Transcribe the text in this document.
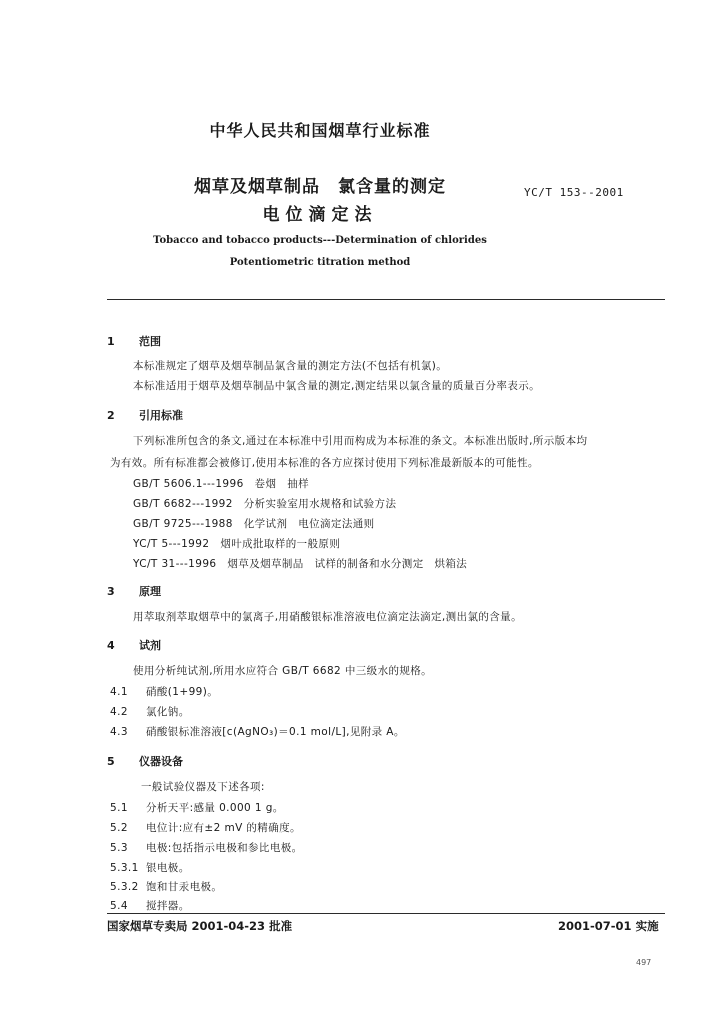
中华人民共和国烟草行业标准
烟草及烟草制品　氯含量的测定
电位滴定法
YC/T 153--2001
Tobacco and tobacco products---Determination of chlorides
Potentiometric titration method
1 范围
本标准规定了烟草及烟草制品氯含量的测定方法(不包括有机氯)。
本标准适用于烟草及烟草制品中氯含量的测定,测定结果以氯含量的质量百分率表示。
2 引用标准
下列标准所包含的条文,通过在本标准中引用而构成为本标准的条文。本标准出版时,所示版本均
为有效。所有标准都会被修订,使用本标准的各方应探讨使用下列标准最新版本的可能性。
GB/T 5606.1---1996　卷烟　抽样
GB/T 6682---1992　分析实验室用水规格和试验方法
GB/T 9725---1988　化学试剂　电位滴定法通则
YC/T 5---1992　烟叶成批取样的一般原则
YC/T 31---1996　烟草及烟草制品　试样的制备和水分测定　烘箱法
3 原理
用萃取剂萃取烟草中的氯离子,用硝酸银标准溶液电位滴定法滴定,测出氯的含量。
4 试剂
使用分析纯试剂,所用水应符合 GB/T 6682 中三级水的规格。
4.1 硝酸(1+99)。
4.2 氯化钠。
4.3 硝酸银标准溶液[c(AgNO₃)＝0.1 mol/L],见附录 A。
5 仪器设备
一般试验仪器及下述各项:
5.1 分析天平:感量 0.000 1 g。
5.2 电位计:应有±2 mV 的精确度。
5.3 电极:包括指示电极和参比电极。
5.3.1 银电极。
5.3.2 饱和甘汞电极。
5.4 搅拌器。
国家烟草专卖局 2001-04-23 批准	2001-07-01 实施
497
